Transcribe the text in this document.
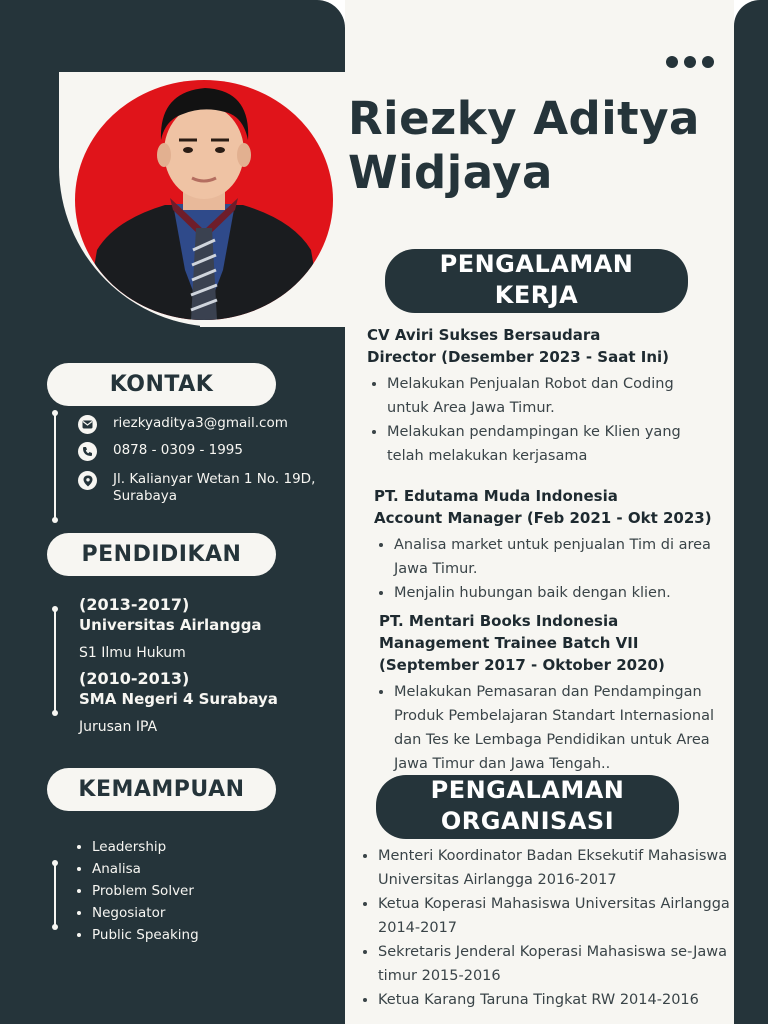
Riezky Aditya
Widjaya
PENGALAMAN
KERJA
CV Aviri Sukses Bersaudara
Director (Desember 2023 - Saat Ini)
• Melakukan Penjualan Robot dan Coding untuk Area Jawa Timur.
• Melakukan pendampingan ke Klien yang telah melakukan kerjasama
PT. Edutama Muda Indonesia
Account Manager (Feb 2021 - Okt 2023)
• Analisa market untuk penjualan Tim di area Jawa Timur.
• Menjalin hubungan baik dengan klien.
PT. Mentari Books Indonesia
Management Trainee Batch VII
(September 2017 - Oktober 2020)
• Melakukan Pemasaran dan Pendampingan Produk Pembelajaran Standart Internasional dan Tes ke Lembaga Pendidikan untuk Area Jawa Timur dan Jawa Tengah..
PENGALAMAN
ORGANISASI
• Menteri Koordinator Badan Eksekutif Mahasiswa Universitas Airlangga 2016-2017
• Ketua Koperasi Mahasiswa Universitas Airlangga 2014-2017
• Sekretaris Jenderal Koperasi Mahasiswa se-Jawa timur 2015-2016
• Ketua Karang Taruna Tingkat RW 2014-2016
KONTAK
riezkyaditya3@gmail.com
0878 - 0309 - 1995
Jl. Kalianyar Wetan 1 No. 19D,
Surabaya
PENDIDIKAN
(2013-2017)
Universitas Airlangga
S1 Ilmu Hukum
(2010-2013)
SMA Negeri 4 Surabaya
Jurusan IPA
KEMAMPUAN
• Leadership
• Analisa
• Problem Solver
• Negosiator
• Public Speaking
